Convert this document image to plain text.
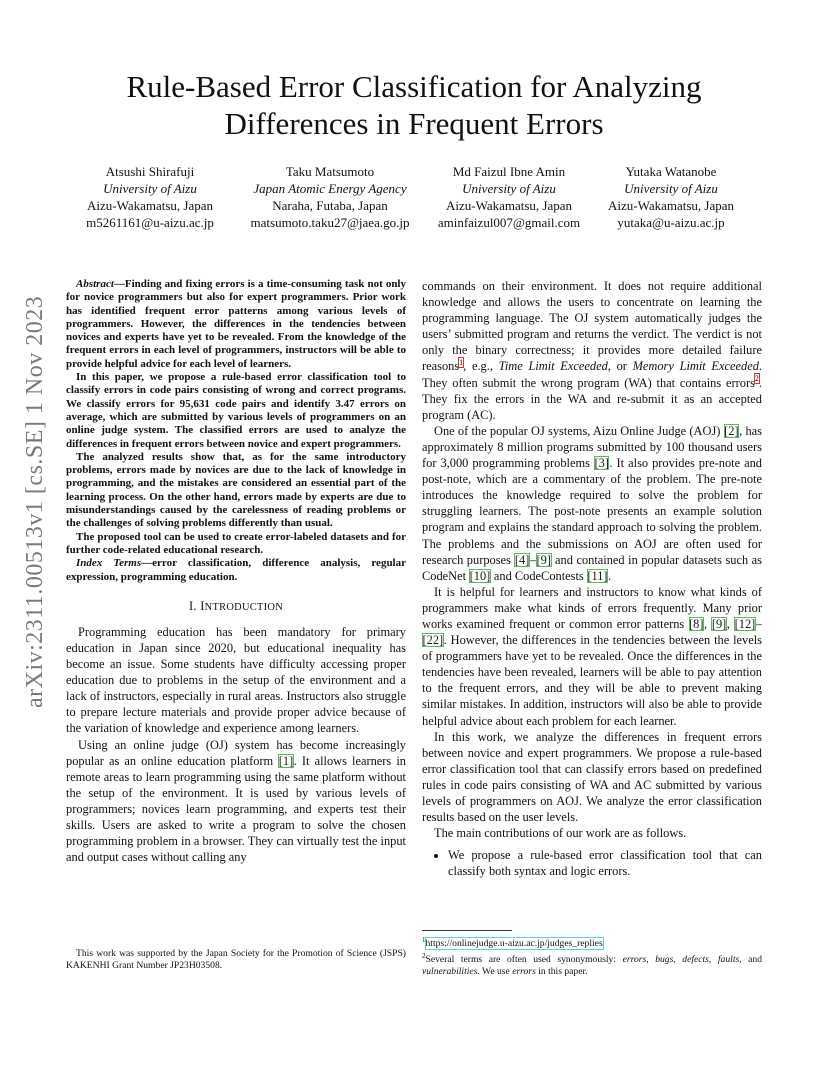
arXiv:2311.00513v1 [cs.SE] 1 Nov 2023
Rule-Based Error Classification for Analyzing Differences in Frequent Errors
Atsushi Shirafuji
University of Aizu
Aizu-Wakamatsu, Japan
m5261161@u-aizu.ac.jp
Taku Matsumoto
Japan Atomic Energy Agency
Naraha, Futaba, Japan
matsumoto.taku27@jaea.go.jp
Md Faizul Ibne Amin
University of Aizu
Aizu-Wakamatsu, Japan
aminfaizul007@gmail.com
Yutaka Watanobe
University of Aizu
Aizu-Wakamatsu, Japan
yutaka@u-aizu.ac.jp

Abstract—Finding and fixing errors is a time-consuming task not only for novice programmers but also for expert programmers. Prior work has identified frequent error patterns among various levels of programmers. However, the differences in the tendencies between novices and experts have yet to be revealed. From the knowledge of the frequent errors in each level of programmers, instructors will be able to provide helpful advice for each level of learners.

In this paper, we propose a rule-based error classification tool to classify errors in code pairs consisting of wrong and correct programs. We classify errors for 95,631 code pairs and identify 3.47 errors on average, which are submitted by various levels of programmers on an online judge system. The classified errors are used to analyze the differences in frequent errors between novice and expert programmers.

The analyzed results show that, as for the same introductory problems, errors made by novices are due to the lack of knowledge in programming, and the mistakes are considered an essential part of the learning process. On the other hand, errors made by experts are due to misunderstandings caused by the carelessness of reading problems or the challenges of solving problems differently than usual.

The proposed tool can be used to create error-labeled datasets and for further code-related educational research.

Index Terms—error classification, difference analysis, regular expression, programming education.

I. INTRODUCTION

Programming education has been mandatory for primary education in Japan since 2020, but educational inequality has become an issue. Some students have difficulty accessing proper education due to problems in the setup of the environment and a lack of instructors, especially in rural areas. Instructors also struggle to prepare lecture materials and provide proper advice because of the variation of knowledge and experience among learners.

Using an online judge (OJ) system has become increasingly popular as an online education platform [1]. It allows learners in remote areas to learn programming using the same platform without the setup of the environment. It is used by various levels of programmers; novices learn programming, and experts test their skills. Users are asked to write a program to solve the chosen programming problem in a browser. They can virtually test the input and output cases without calling any

This work was supported by the Japan Society for the Promotion of Science (JSPS) KAKENHI Grant Number JP23H03508.

commands on their environment. It does not require additional knowledge and allows the users to concentrate on learning the programming language. The OJ system automatically judges the users’ submitted program and returns the verdict. The verdict is not only the binary correctness; it provides more detailed failure reasons$^1$, e.g., Time Limit Exceeded, or Memory Limit Exceeded. They often submit the wrong program (WA) that contains errors$^2$. They fix the errors in the WA and re-submit it as an accepted program (AC).

One of the popular OJ systems, Aizu Online Judge (AOJ) [2], has approximately 8 million programs submitted by 100 thousand users for 3,000 programming problems [3]. It also provides pre-note and post-note, which are a commentary of the problem. The pre-note introduces the knowledge required to solve the problem for struggling learners. The post-note presents an example solution program and explains the standard approach to solving the problem. The problems and the submissions on AOJ are often used for research purposes [4]–[9] and contained in popular datasets such as CodeNet [10] and CodeContests [11].

It is helpful for learners and instructors to know what kinds of programmers make what kinds of errors frequently. Many prior works examined frequent or common error patterns [8], [9], [12]–[22]. However, the differences in the tendencies between the levels of programmers have yet to be revealed. Once the differences in the tendencies have been revealed, learners will be able to pay attention to the frequent errors, and they will be able to prevent making similar mistakes. In addition, instructors will also be able to provide helpful advice about each problem for each learner.

In this work, we analyze the differences in frequent errors between novice and expert programmers. We propose a rule-based error classification tool that can classify errors based on predefined rules in code pairs consisting of WA and AC submitted by various levels of programmers on AOJ. We analyze the error classification results based on the user levels.

The main contributions of our work are as follows.

• We propose a rule-based error classification tool that can classify both syntax and logic errors.
$^1$https://onlinejudge.u-aizu.ac.jp/judges_replies
$^2$Several terms are often used synonymously: errors, bugs, defects, faults, and vulnerabilities. We use errors in this paper.
